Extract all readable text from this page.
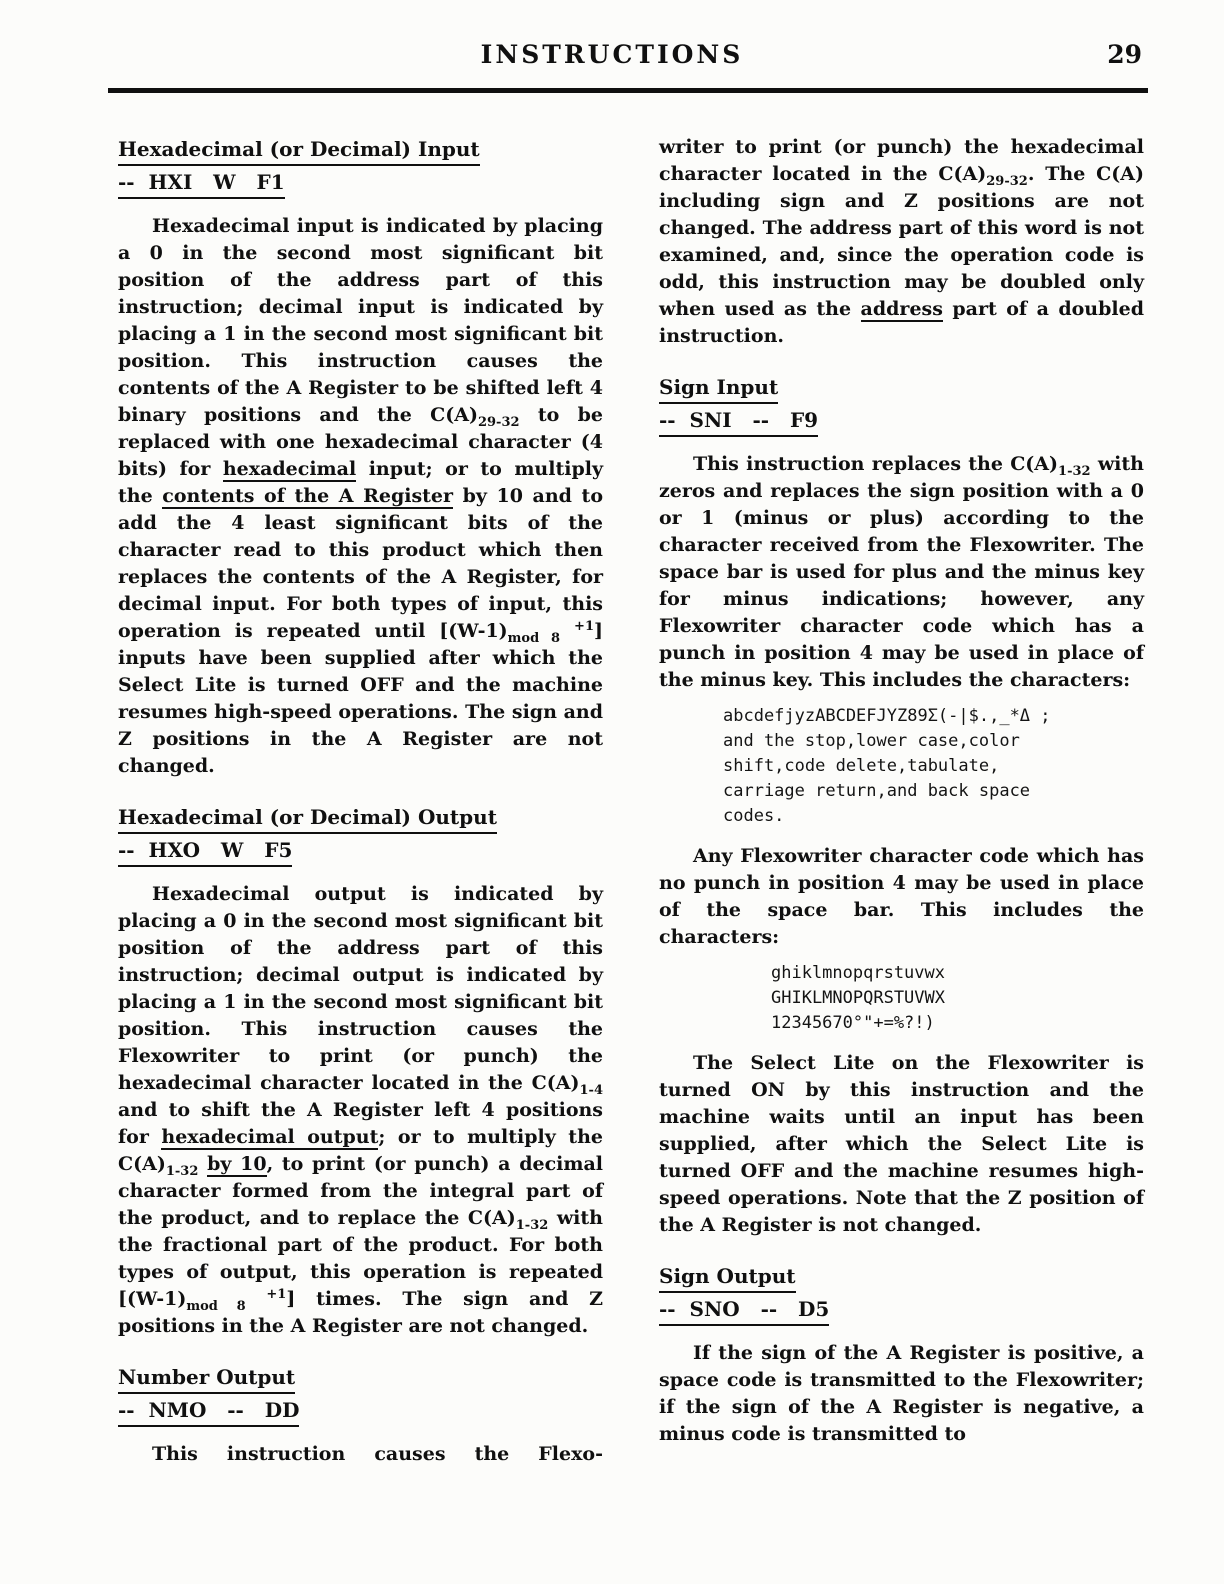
INSTRUCTIONS	29
Hexadecimal (or Decimal) Input
--  HXI   W   F1

Hexadecimal input is indicated by placing a 0 in the second most significant bit position of the address part of this instruction; decimal input is indicated by placing a 1 in the second most significant bit position. This instruction causes the contents of the A Register to be shifted left 4 binary positions and the $C(A)_{29-32}$ to be replaced with one hexadecimal character (4 bits) for hexadecimal input; or to multiply the contents of the A Register by 10 and to add the 4 least significant bits of the character read to this product which then replaces the contents of the A Register, for decimal input. For both types of input, this operation is repeated until [$(W-1)_{mod 8}$ $^{+1}$] inputs have been supplied after which the Select Lite is turned OFF and the machine resumes high-speed operations. The sign and Z positions in the A Register are not changed.

Hexadecimal (or Decimal) Output
--  HXO   W   F5

Hexadecimal output is indicated by placing a 0 in the second most significant bit position of the address part of this instruction; decimal output is indicated by placing a 1 in the second most significant bit position. This instruction causes the Flexowriter to print (or punch) the hexadecimal character located in the $C(A)_{1-4}$ and to shift the A Register left 4 positions for hexadecimal output; or to multiply the $C(A)_{1-32}$ by 10, to print (or punch) a decimal character formed from the integral part of the product, and to replace the $C(A)_{1-32}$ with the fractional part of the product. For both types of output, this operation is repeated [$(W-1)_{mod 8}$ $^{+1}$] times. The sign and Z positions in the A Register are not changed.

Number Output
--  NMO   --   DD

This instruction causes the Flexo-

writer to print (or punch) the hexadecimal character located in the $C(A)_{29-32}$. The C(A) including sign and Z positions are not changed. The address part of this word is not examined, and, since the operation code is odd, this instruction may be doubled only when used as the address part of a doubled instruction.

Sign Input
--  SNI   --   F9

This instruction replaces the $C(A)_{1-32}$ with zeros and replaces the sign position with a 0 or 1 (minus or plus) according to the character received from the Flexowriter. The space bar is used for plus and the minus key for minus indications; however, any Flexowriter character code which has a punch in position 4 may be used in place of the minus key. This includes the characters:

abcdefjyzABCDEFJYZ89Σ(-|$.,_*Δ ;
and the stop,lower case,color
shift,code delete,tabulate,
carriage return,and back space
codes.

Any Flexowriter character code which has no punch in position 4 may be used in place of the space bar. This includes the characters:

ghiklmnopqrstuvwx
GHIKLMNOPQRSTUVWX
12345670°"+=%?!)

The Select Lite on the Flexowriter is turned ON by this instruction and the machine waits until an input has been supplied, after which the Select Lite is turned OFF and the machine resumes high-speed operations. Note that the Z position of the A Register is not changed.

Sign Output
--  SNO   --   D5

If the sign of the A Register is positive, a space code is transmitted to the Flexowriter; if the sign of the A Register is negative, a minus code is transmitted to
